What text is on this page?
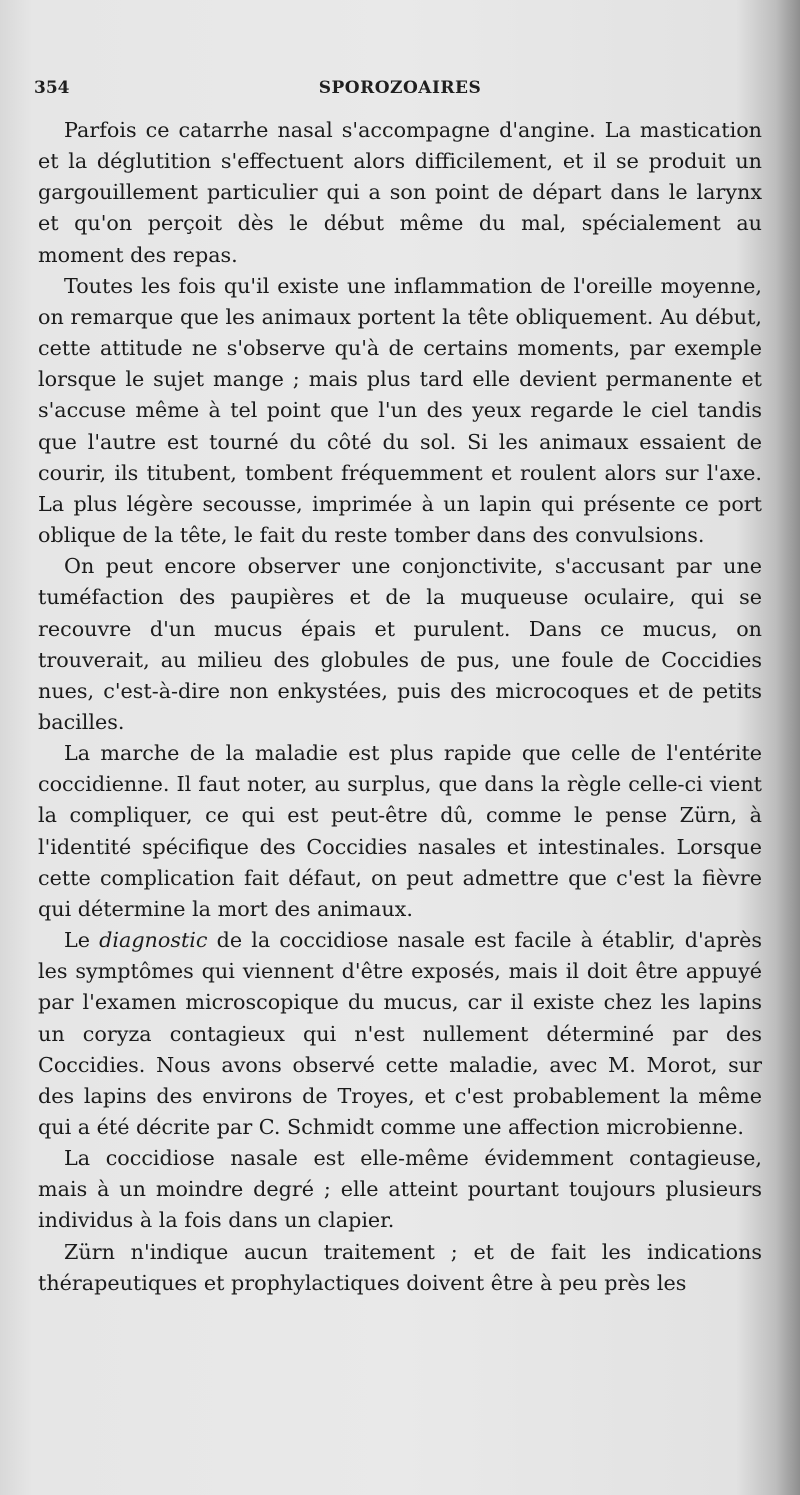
354	SPOROZOAIRES

Parfois ce catarrhe nasal s'accompagne d'angine. La mastication et la déglutition s'effectuent alors difficilement, et il se produit un gargouillement particulier qui a son point de départ dans le larynx et qu'on perçoit dès le début même du mal, spécialement au moment des repas.

Toutes les fois qu'il existe une inflammation de l'oreille moyenne, on remarque que les animaux portent la tête obliquement. Au début, cette attitude ne s'observe qu'à de certains moments, par exemple lorsque le sujet mange ; mais plus tard elle devient permanente et s'accuse même à tel point que l'un des yeux regarde le ciel tandis que l'autre est tourné du côté du sol. Si les animaux essaient de courir, ils titubent, tombent fréquemment et roulent alors sur l'axe. La plus légère secousse, imprimée à un lapin qui présente ce port oblique de la tête, le fait du reste tomber dans des convulsions.

On peut encore observer une conjonctivite, s'accusant par une tuméfaction des paupières et de la muqueuse oculaire, qui se recouvre d'un mucus épais et purulent. Dans ce mucus, on trouverait, au milieu des globules de pus, une foule de Coccidies nues, c'est-à-dire non enkystées, puis des microcoques et de petits bacilles.

La marche de la maladie est plus rapide que celle de l'entérite coccidienne. Il faut noter, au surplus, que dans la règle celle-ci vient la compliquer, ce qui est peut-être dû, comme le pense Zürn, à l'identité spécifique des Coccidies nasales et intestinales. Lorsque cette complication fait défaut, on peut admettre que c'est la fièvre qui détermine la mort des animaux.

Le diagnostic de la coccidiose nasale est facile à établir, d'après les symptômes qui viennent d'être exposés, mais il doit être appuyé par l'examen microscopique du mucus, car il existe chez les lapins un coryza contagieux qui n'est nullement déterminé par des Coccidies. Nous avons observé cette maladie, avec M. Morot, sur des lapins des environs de Troyes, et c'est probablement la même qui a été décrite par C. Schmidt comme une affection microbienne.

La coccidiose nasale est elle-même évidemment contagieuse, mais à un moindre degré ; elle atteint pourtant toujours plusieurs individus à la fois dans un clapier.

Zürn n'indique aucun traitement ; et de fait les indications thérapeutiques et prophylactiques doivent être à peu près les
